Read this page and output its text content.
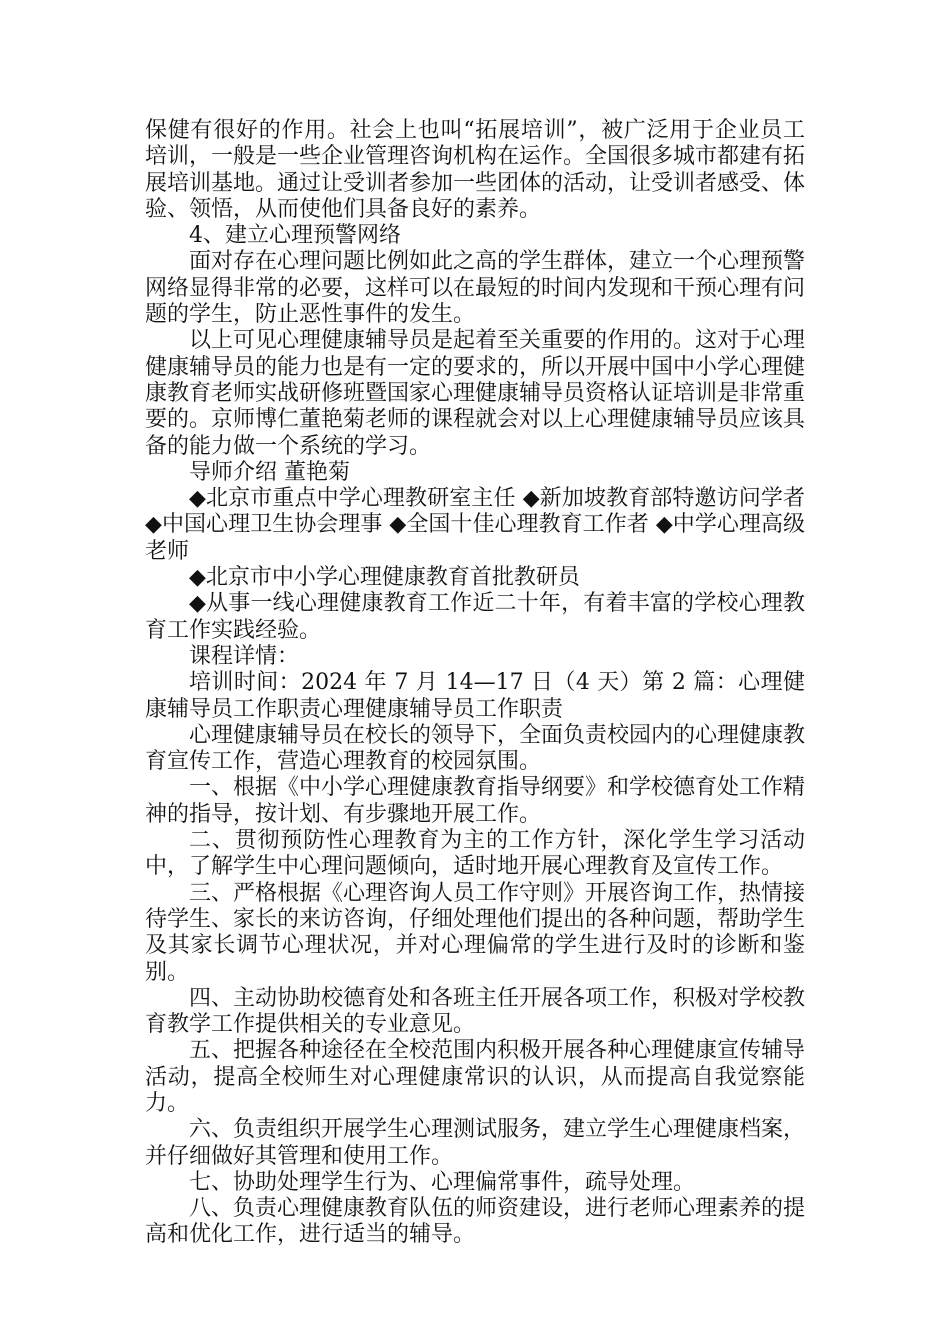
保健有很好的作用。社会上也叫“拓展培训”，被广泛用于企业员工培训，一般是一些企业管理咨询机构在运作。全国很多城市都建有拓展培训基地。通过让受训者参加一些团体的活动，让受训者感受、体验、领悟，从而使他们具备良好的素养。

4、建立心理预警网络

面对存在心理问题比例如此之高的学生群体，建立一个心理预警网络显得非常的必要，这样可以在最短的时间内发现和干预心理有问题的学生，防止恶性事件的发生。

以上可见心理健康辅导员是起着至关重要的作用的。这对于心理健康辅导员的能力也是有一定的要求的，所以开展中国中小学心理健康教育老师实战研修班暨国家心理健康辅导员资格认证培训是非常重要的。京师博仁董艳菊老师的课程就会对以上心理健康辅导员应该具备的能力做一个系统的学习。

导师介绍 董艳菊

◆北京市重点中学心理教研室主任 ◆新加坡教育部特邀访问学者 ◆中国心理卫生协会理事 ◆全国十佳心理教育工作者 ◆中学心理高级老师

◆北京市中小学心理健康教育首批教研员

◆从事一线心理健康教育工作近二十年，有着丰富的学校心理教育工作实践经验。

课程详情：

培训时间：2024 年 7 月 14—17 日（4 天）第 2 篇：心理健康辅导员工作职责心理健康辅导员工作职责

心理健康辅导员在校长的领导下，全面负责校园内的心理健康教育宣传工作，营造心理教育的校园氛围。

一、根据《中小学心理健康教育指导纲要》和学校德育处工作精神的指导，按计划、有步骤地开展工作。

二、贯彻预防性心理教育为主的工作方针，深化学生学习活动中，了解学生中心理问题倾向，适时地开展心理教育及宣传工作。

三、严格根据《心理咨询人员工作守则》开展咨询工作，热情接待学生、家长的来访咨询，仔细处理他们提出的各种问题，帮助学生及其家长调节心理状况，并对心理偏常的学生进行及时的诊断和鉴别。

四、主动协助校德育处和各班主任开展各项工作，积极对学校教育教学工作提供相关的专业意见。

五、把握各种途径在全校范围内积极开展各种心理健康宣传辅导活动，提高全校师生对心理健康常识的认识，从而提高自我觉察能力。

六、负责组织开展学生心理测试服务，建立学生心理健康档案，并仔细做好其管理和使用工作。

七、协助处理学生行为、心理偏常事件，疏导处理。

八、负责心理健康教育队伍的师资建设，进行老师心理素养的提高和优化工作，进行适当的辅导。
